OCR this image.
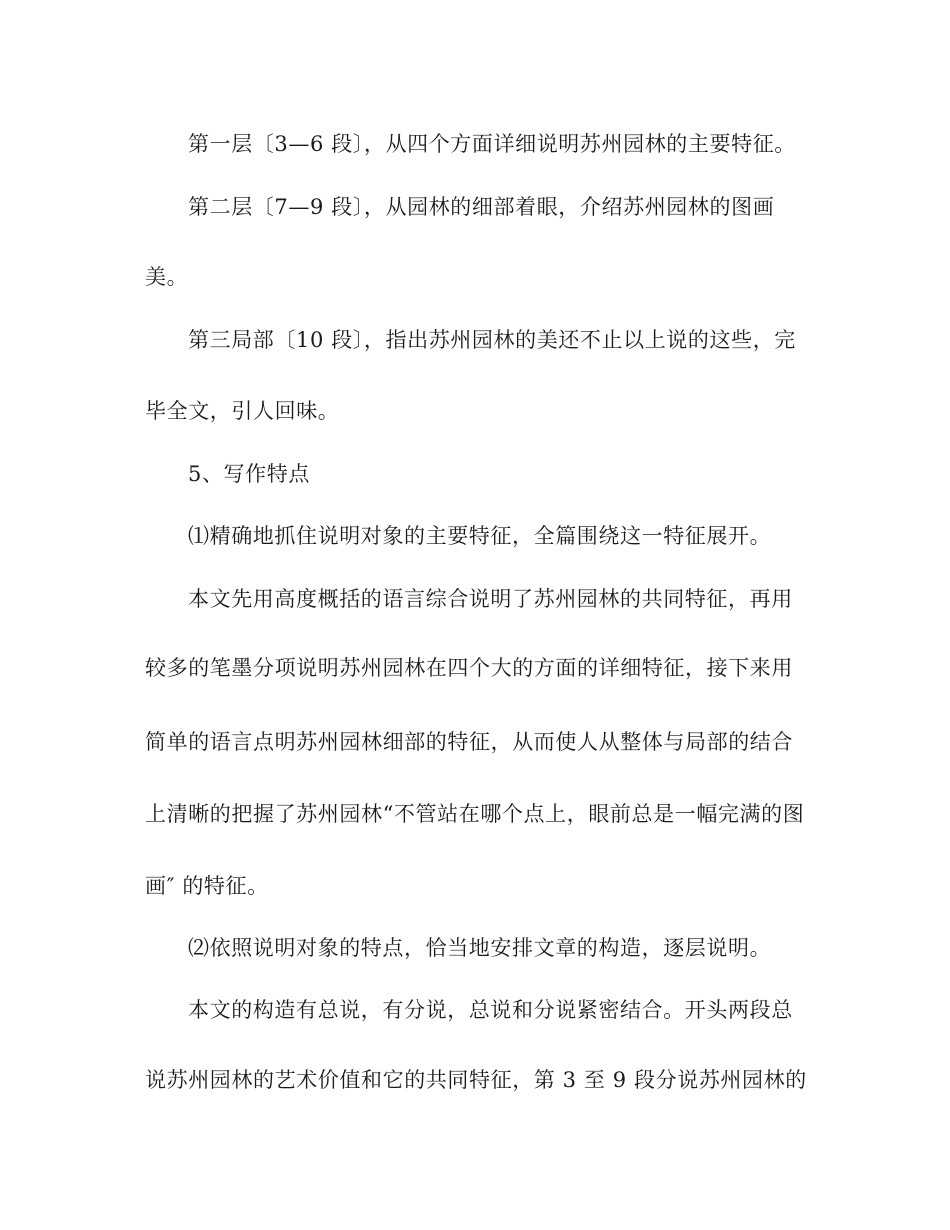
第一层〔3—6 段〕，从四个方面详细说明苏州园林的主要特征。
第二层〔7—9 段〕，从园林的细部着眼，介绍苏州园林的图画
美。
第三局部〔10 段〕，指出苏州园林的美还不止以上说的这些，完
毕全文，引人回味。
5、写作特点
⑴精确地抓住说明对象的主要特征，全篇围绕这一特征展开。
本文先用高度概括的语言综合说明了苏州园林的共同特征，再用
较多的笔墨分项说明苏州园林在四个大的方面的详细特征，接下来用
简单的语言点明苏州园林细部的特征，从而使人从整体与局部的结合
上清晰的把握了苏州园林“不管站在哪个点上，眼前总是一幅完满的图
画″ 的特征。
⑵依照说明对象的特点，恰当地安排文章的构造，逐层说明。
本文的构造有总说，有分说，总说和分说紧密结合。开头两段总
说苏州园林的艺术价值和它的共同特征，第 3 至 9 段分说苏州园林的
